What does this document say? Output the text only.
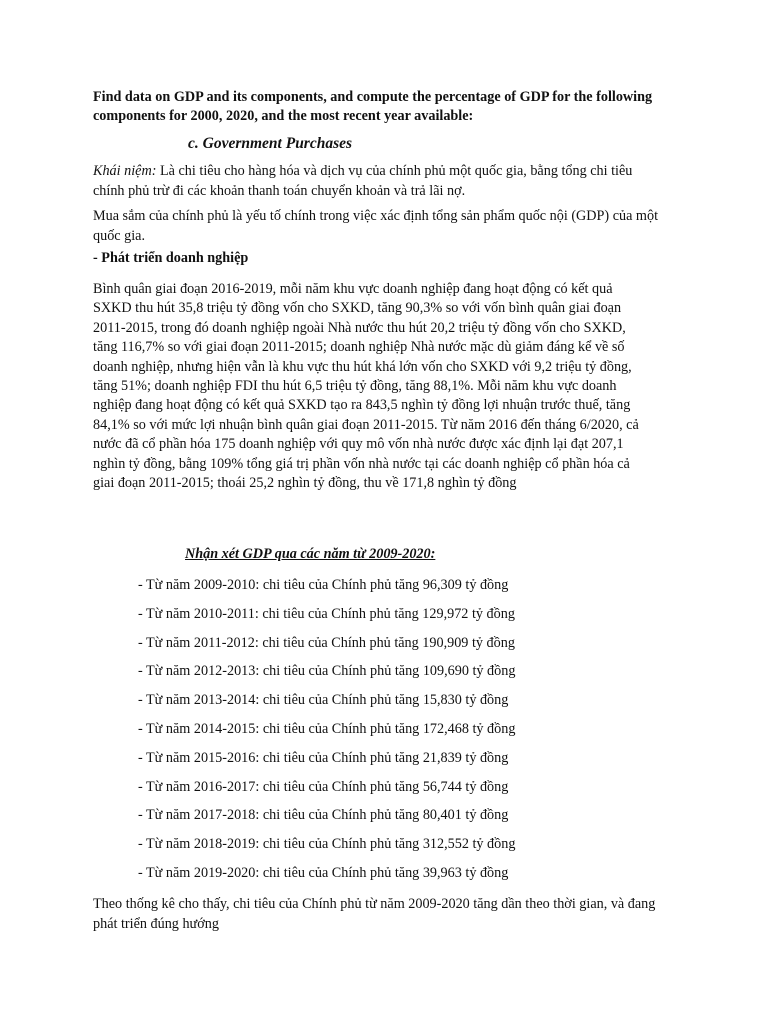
Find data on GDP and its components, and compute the percentage of GDP for the following components for 2000, 2020, and the most recent year available:
c. Government Purchases
Khái niệm: Là chi tiêu cho hàng hóa và dịch vụ của chính phủ một quốc gia, bằng tổng chi tiêu chính phủ trừ đi các khoản thanh toán chuyển khoản và trả lãi nợ.
Mua sắm của chính phủ là yếu tố chính trong việc xác định tổng sản phẩm quốc nội (GDP) của một quốc gia.
- Phát triển doanh nghiệp
Bình quân giai đoạn 2016-2019, mỗi năm khu vực doanh nghiệp đang hoạt động có kết quả SXKD thu hút 35,8 triệu tỷ đồng vốn cho SXKD, tăng 90,3% so với vốn bình quân giai đoạn 2011-2015, trong đó doanh nghiệp ngoài Nhà nước thu hút 20,2 triệu tỷ đồng vốn cho SXKD, tăng 116,7% so với giai đoạn 2011-2015; doanh nghiệp Nhà nước mặc dù giảm đáng kể về số doanh nghiệp, nhưng hiện vẫn là khu vực thu hút khá lớn vốn cho SXKD với 9,2 triệu tỷ đồng, tăng 51%; doanh nghiệp FDI thu hút 6,5 triệu tỷ đồng, tăng 88,1%. Mỗi năm khu vực doanh nghiệp đang hoạt động có kết quả SXKD tạo ra 843,5 nghìn tỷ đồng lợi nhuận trước thuế, tăng 84,1% so với mức lợi nhuận bình quân giai đoạn 2011-2015. Từ năm 2016 đến tháng 6/2020, cả nước đã cổ phần hóa 175 doanh nghiệp với quy mô vốn nhà nước được xác định lại đạt 207,1 nghìn tỷ đồng, bằng 109% tổng giá trị phần vốn nhà nước tại các doanh nghiệp cổ phần hóa cả giai đoạn 2011-2015; thoái 25,2 nghìn tỷ đồng, thu về 171,8 nghìn tỷ đồng
Nhận xét GDP qua các năm từ 2009-2020:
- Từ năm 2009-2010: chi tiêu của Chính phủ tăng 96,309 tỷ đồng
- Từ năm 2010-2011: chi tiêu của Chính phủ tăng 129,972 tỷ đồng
- Từ năm 2011-2012: chi tiêu của Chính phủ tăng 190,909 tỷ đồng
- Từ năm 2012-2013: chi tiêu của Chính phủ tăng 109,690 tỷ đồng
- Từ năm 2013-2014: chi tiêu của Chính phủ tăng 15,830 tỷ đồng
- Từ năm 2014-2015: chi tiêu của Chính phủ tăng 172,468 tỷ đồng
- Từ năm 2015-2016: chi tiêu của Chính phủ tăng 21,839 tỷ đồng
- Từ năm 2016-2017: chi tiêu của Chính phủ tăng 56,744 tỷ đồng
- Từ năm 2017-2018: chi tiêu của Chính phủ tăng 80,401 tỷ đồng
- Từ năm 2018-2019: chi tiêu của Chính phủ tăng 312,552 tỷ đồng
- Từ năm 2019-2020: chi tiêu của Chính phủ tăng 39,963 tỷ đồng
Theo thống kê cho thấy, chi tiêu của Chính phủ từ năm 2009-2020 tăng dần theo thời gian, và đang phát triển đúng hướng
